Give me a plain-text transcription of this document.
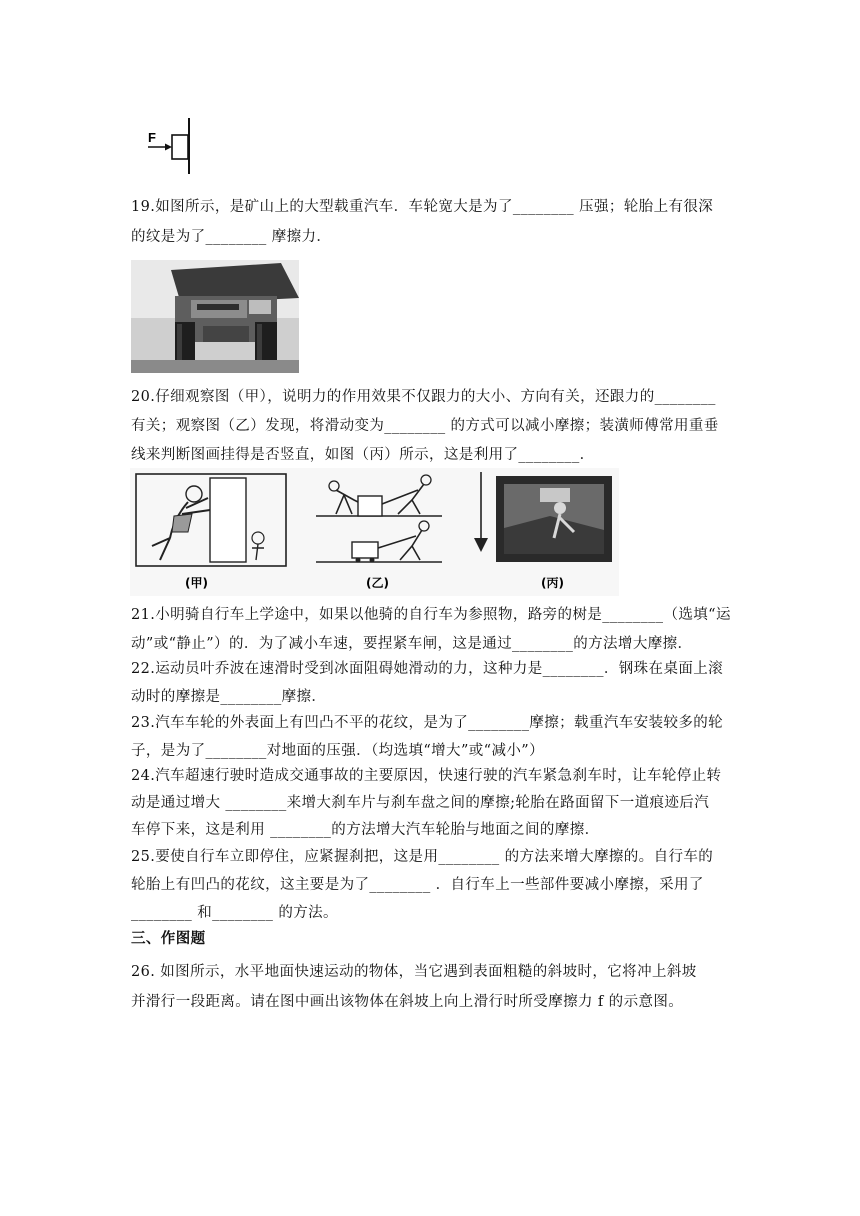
F
19.如图所示，是矿山上的大型载重汽车．车轮宽大是为了________ 压强；轮胎上有很深
的纹是为了________ 摩擦力．
20.仔细观察图（甲），说明力的作用效果不仅跟力的大小、方向有关，还跟力的________
有关；观察图（乙）发现，将滑动变为________ 的方式可以减小摩擦；装潢师傅常用重垂
线来判断图画挂得是否竖直，如图（丙）所示，这是利用了________．
(甲)	(乙)	(丙)
21.小明骑自行车上学途中，如果以他骑的自行车为参照物，路旁的树是________（选填“运
动”或“静止”）的．为了减小车速，要捏紧车闸，这是通过________的方法增大摩擦．
22.运动员叶乔波在速滑时受到冰面阻碍她滑动的力，这种力是________．钢珠在桌面上滚
动时的摩擦是________摩擦．
23.汽车车轮的外表面上有凹凸不平的花纹，是为了________摩擦；载重汽车安装较多的轮
子，是为了________对地面的压强．（均选填“增大”或“减小”）
24.汽车超速行驶时造成交通事故的主要原因，快速行驶的汽车紧急刹车时，让车轮停止转
动是通过增大 ________来增大刹车片与刹车盘之间的摩擦;轮胎在路面留下一道痕迹后汽
车停下来，这是利用 ________的方法增大汽车轮胎与地面之间的摩擦．
25.要使自行车立即停住，应紧握刹把，这是用________ 的方法来增大摩擦的。自行车的
轮胎上有凹凸的花纹，这主要是为了________ ．自行车上一些部件要减小摩擦，采用了
________ 和________ 的方法。
三、作图题
26. 如图所示，水平地面快速运动的物体，当它遇到表面粗糙的斜坡时，它将冲上斜坡
并滑行一段距离。请在图中画出该物体在斜坡上向上滑行时所受摩擦力 f 的示意图。
